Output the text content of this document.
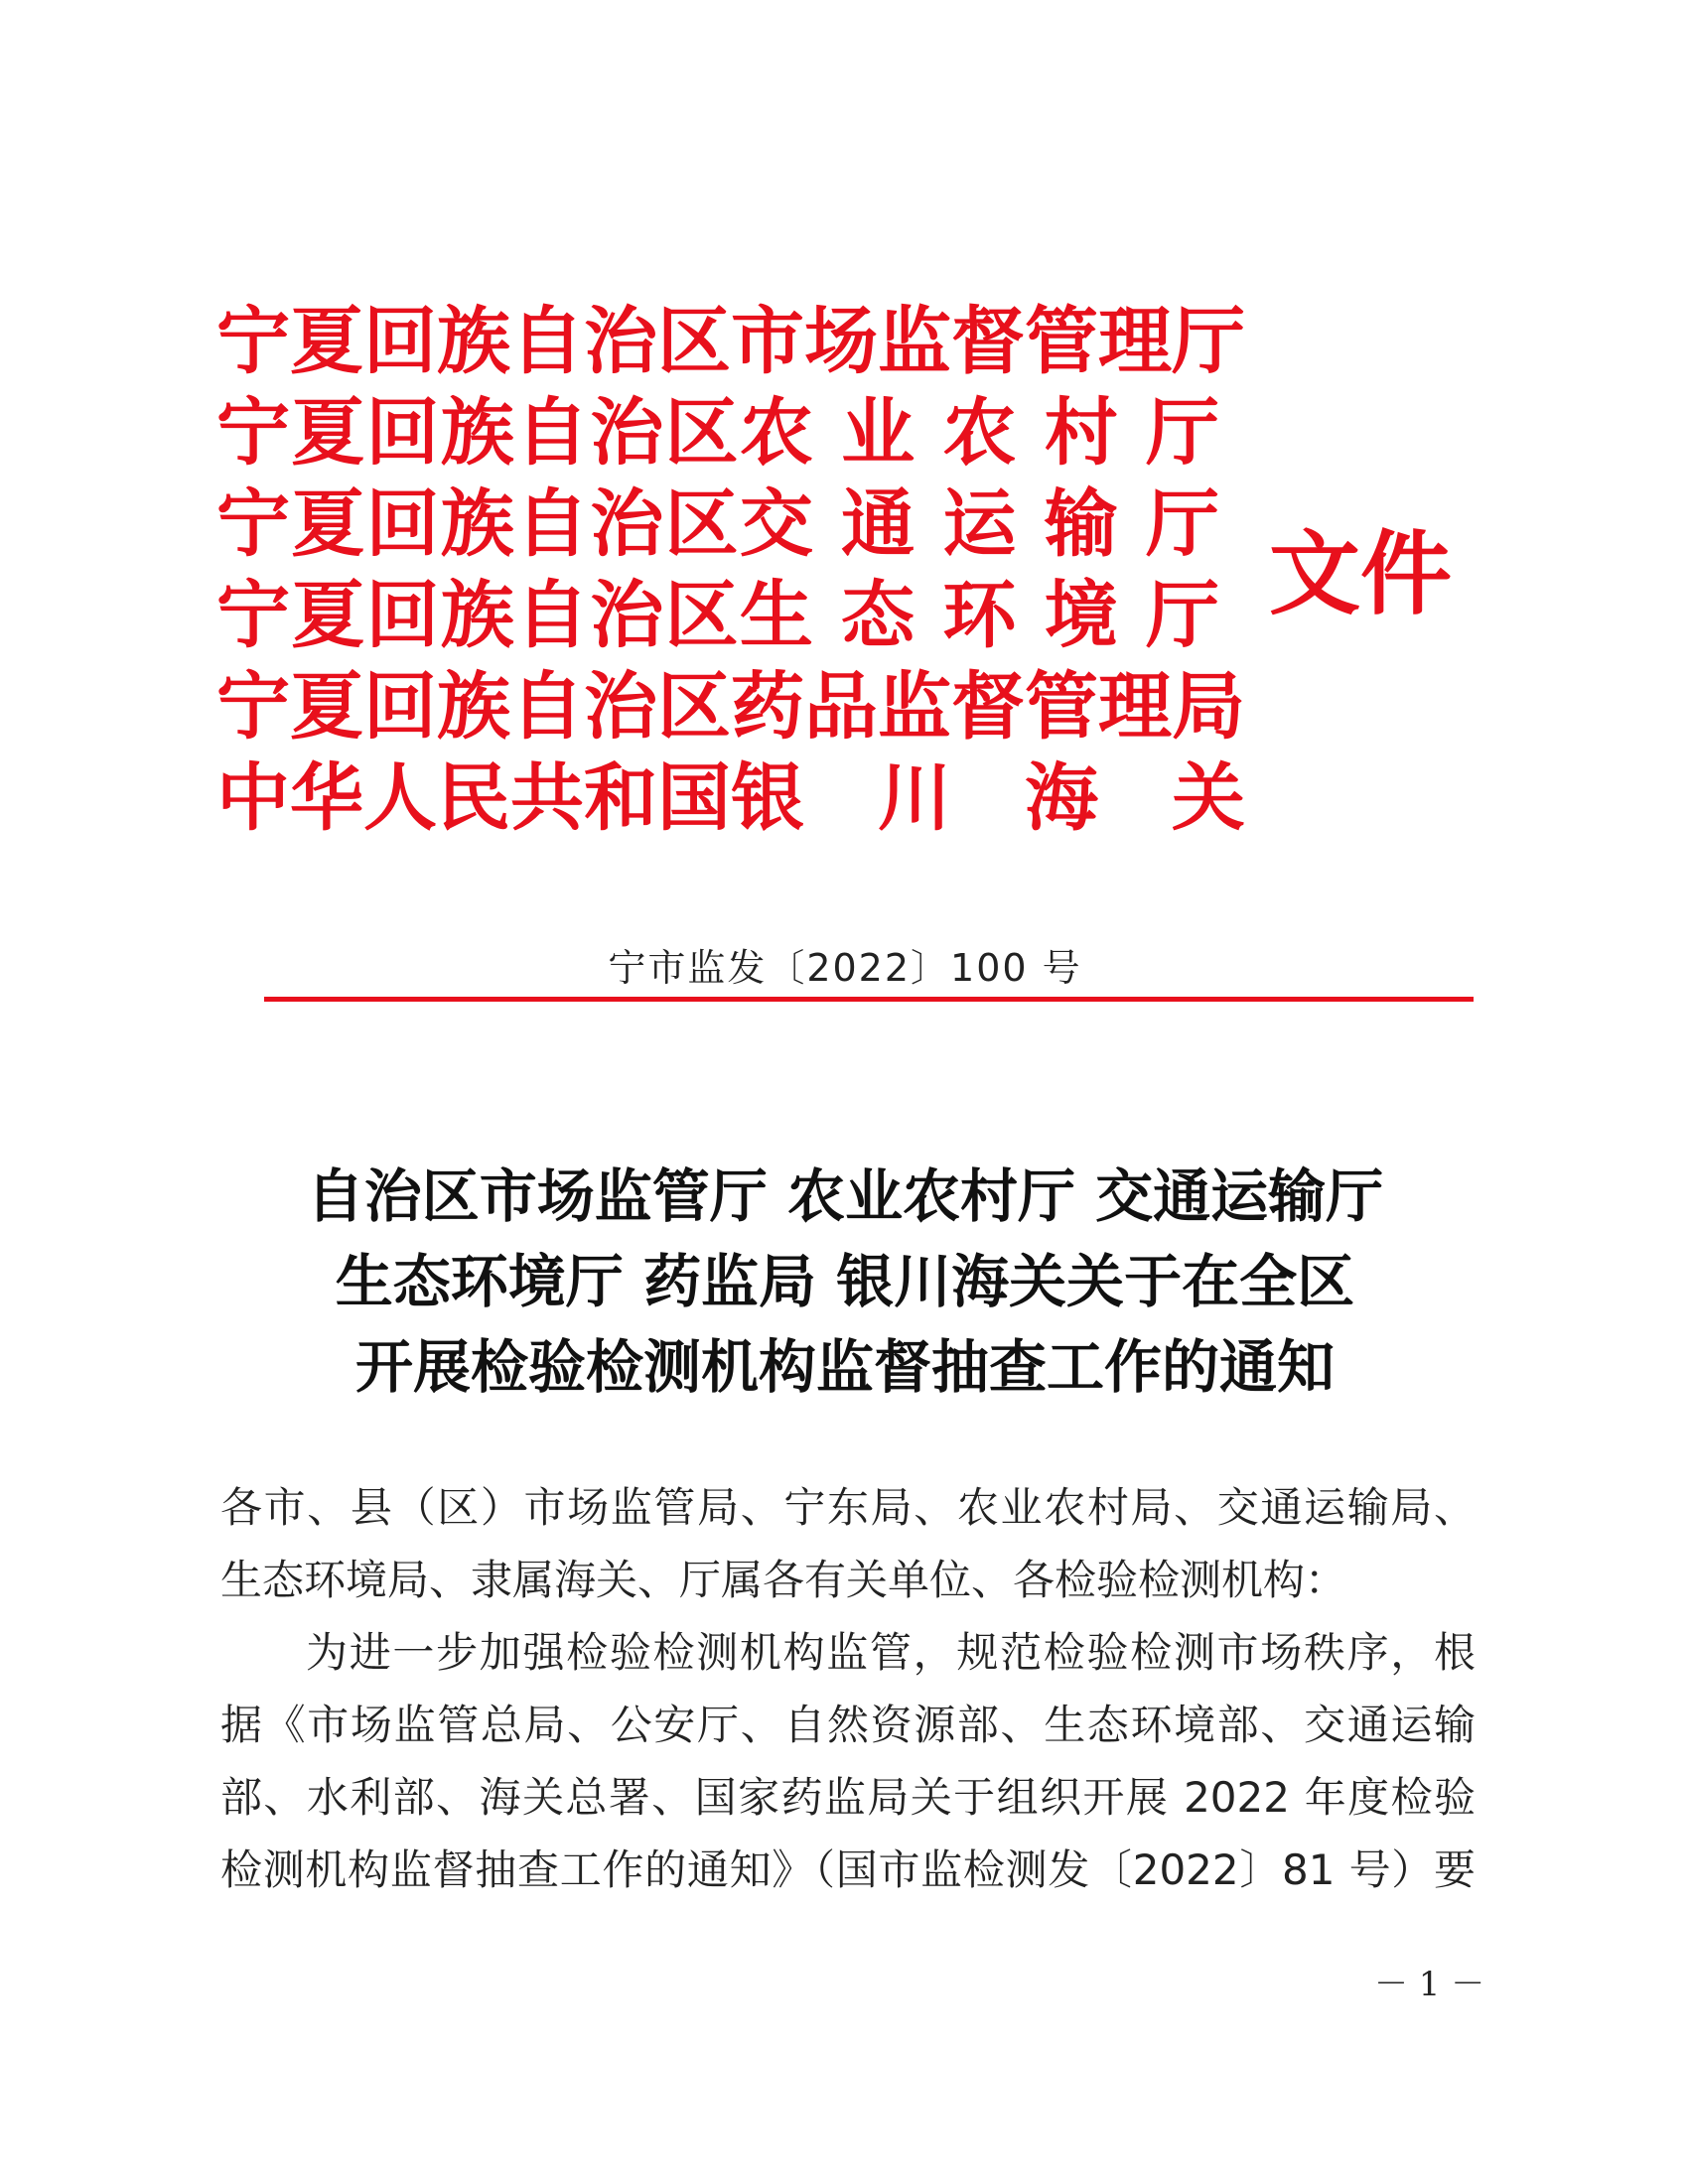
宁夏回族自治区市场监督管理厅
宁夏回族自治区农 业 农 村 厅
宁夏回族自治区交 通 运 输 厅
宁夏回族自治区生 态 环 境 厅
宁夏回族自治区药品监督管理局
中华人民共和国银　川　海　关
文件
宁市监发〔2022〕100 号
自治区市场监管厅 农业农村厅 交通运输厅
生态环境厅 药监局 银川海关关于在全区
开展检验检测机构监督抽查工作的通知
各市、县（区）市场监管局、宁东局、农业农村局、交通运输局、
生态环境局、隶属海关、厅属各有关单位、各检验检测机构：
为进一步加强检验检测机构监管，规范检验检测市场秩序，根
据《市场监管总局、公安厅、自然资源部、生态环境部、交通运输
部、水利部、海关总署、国家药监局关于组织开展 2022 年度检验
检测机构监督抽查工作的通知》（国市监检测发〔2022〕81 号）要
－ 1 －
